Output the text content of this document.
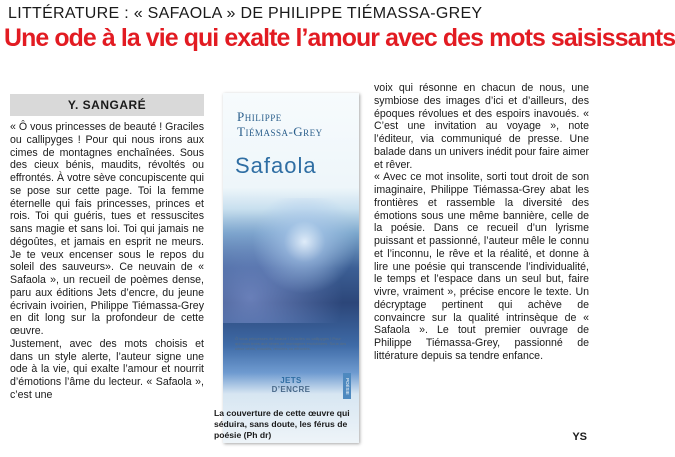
LITTÉRATURE : « SAFAOLA » DE PHILIPPE TIÉMASSA-GREY
Une ode à la vie qui exalte l’amour avec des mots saisissants
Y. SANGARÉ

« Ô vous princesses de beauté ! Graciles ou callipyges ! Pour qui nous irons aux cimes de montagnes enchaînées. Sous des cieux bénis, maudits, révoltés ou effrontés. À votre sève concupiscente qui se pose sur cette page. Toi la femme éternelle qui fais princesses, princes et rois. Toi qui guéris, tues et ressuscites sans magie et sans loi. Toi qui jamais ne dégoûtes, et jamais en esprit ne meurs. Je te veux encenser sous le repos du soleil des sauveurs». Ce neuvain de « Safaola », un recueil de poèmes dense, paru aux éditions Jets d’encre, du jeune écrivain ivoirien, Philippe Tiémassa-Grey en dit long sur la profondeur de cette œuvre.

Justement, avec des mots choisis et dans un style alerte, l’auteur signe une ode à la vie, qui exalte l’amour et nourrit d’émotions l’âme du lecteur. « Safaola », c’est une

Philippe
Tiémassa-Grey
Safaola
Ô vous princesses de beauté ! Graciles ou callipyges ! Pour qui nous irons aux cimes de montagnes enchaînées. Sous des cieux bénis, maudits, révoltés ou effrontés.
JETS
D’ENCRE	POÉSIE
La couverture de cette œuvre qui séduira, sans doute, les férus de poésie (Ph dr)

voix qui résonne en chacun de nous, une symbiose des images d’ici et d’ailleurs, des époques révolues et des espoirs inavoués. « C’est une invitation au voyage », note l’éditeur, via communiqué de presse. Une balade dans un univers inédit pour faire aimer et rêver.

« Avec ce mot insolite, sorti tout droit de son imaginaire, Philippe Tiémassa-Grey abat les frontières et rassemble la diversité des émotions sous une même bannière, celle de la poésie. Dans ce recueil d’un lyrisme puissant et passionné, l’auteur mêle le connu et l’inconnu, le rêve et la réalité, et donne à lire une poésie qui transcende l’individualité, le temps et l’espace dans un seul but, faire vivre, vraiment », précise encore le texte. Un décryptage pertinent qui achève de convaincre sur la qualité intrinsèque de « Safaola ». Le tout premier ouvrage de Philippe Tiémassa-Grey, passionné de littérature depuis sa tendre enfance.

YS
